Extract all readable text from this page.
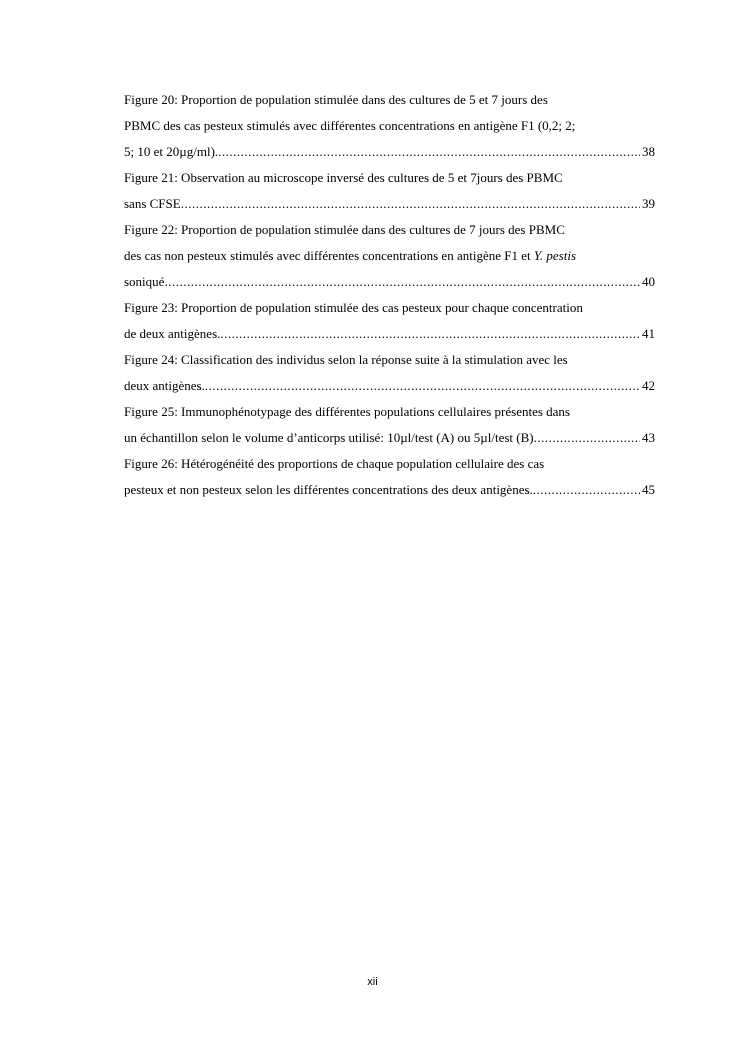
Figure 20: Proportion de population stimulée dans des cultures de 5 et 7 jours des
PBMC des cas pesteux stimulés avec différentes concentrations en antigène F1 (0,2; 2;
5; 10 et 20µg/ml). .....	38
Figure 21: Observation au microscope inversé des cultures de 5 et 7jours des PBMC
sans CFSE .....	39
Figure 22: Proportion de population stimulée dans des cultures de 7 jours des PBMC
des cas non pesteux stimulés avec différentes concentrations en antigène F1 et Y. pestis
soniqué .....	40
Figure 23: Proportion de population stimulée des cas pesteux pour chaque concentration
de deux antigènes. .....	41
Figure 24: Classification des individus selon la réponse suite à la stimulation avec les
deux antigènes. .....	42
Figure 25: Immunophénotypage des différentes populations cellulaires présentes dans
un échantillon selon le volume d’anticorps utilisé: 10µl/test (A) ou 5µl/test (B) .....	43
Figure 26: Hétérogénéité des proportions de chaque population cellulaire des cas
pesteux et non pesteux selon les différentes concentrations des deux antigènes. .....	45
xii
